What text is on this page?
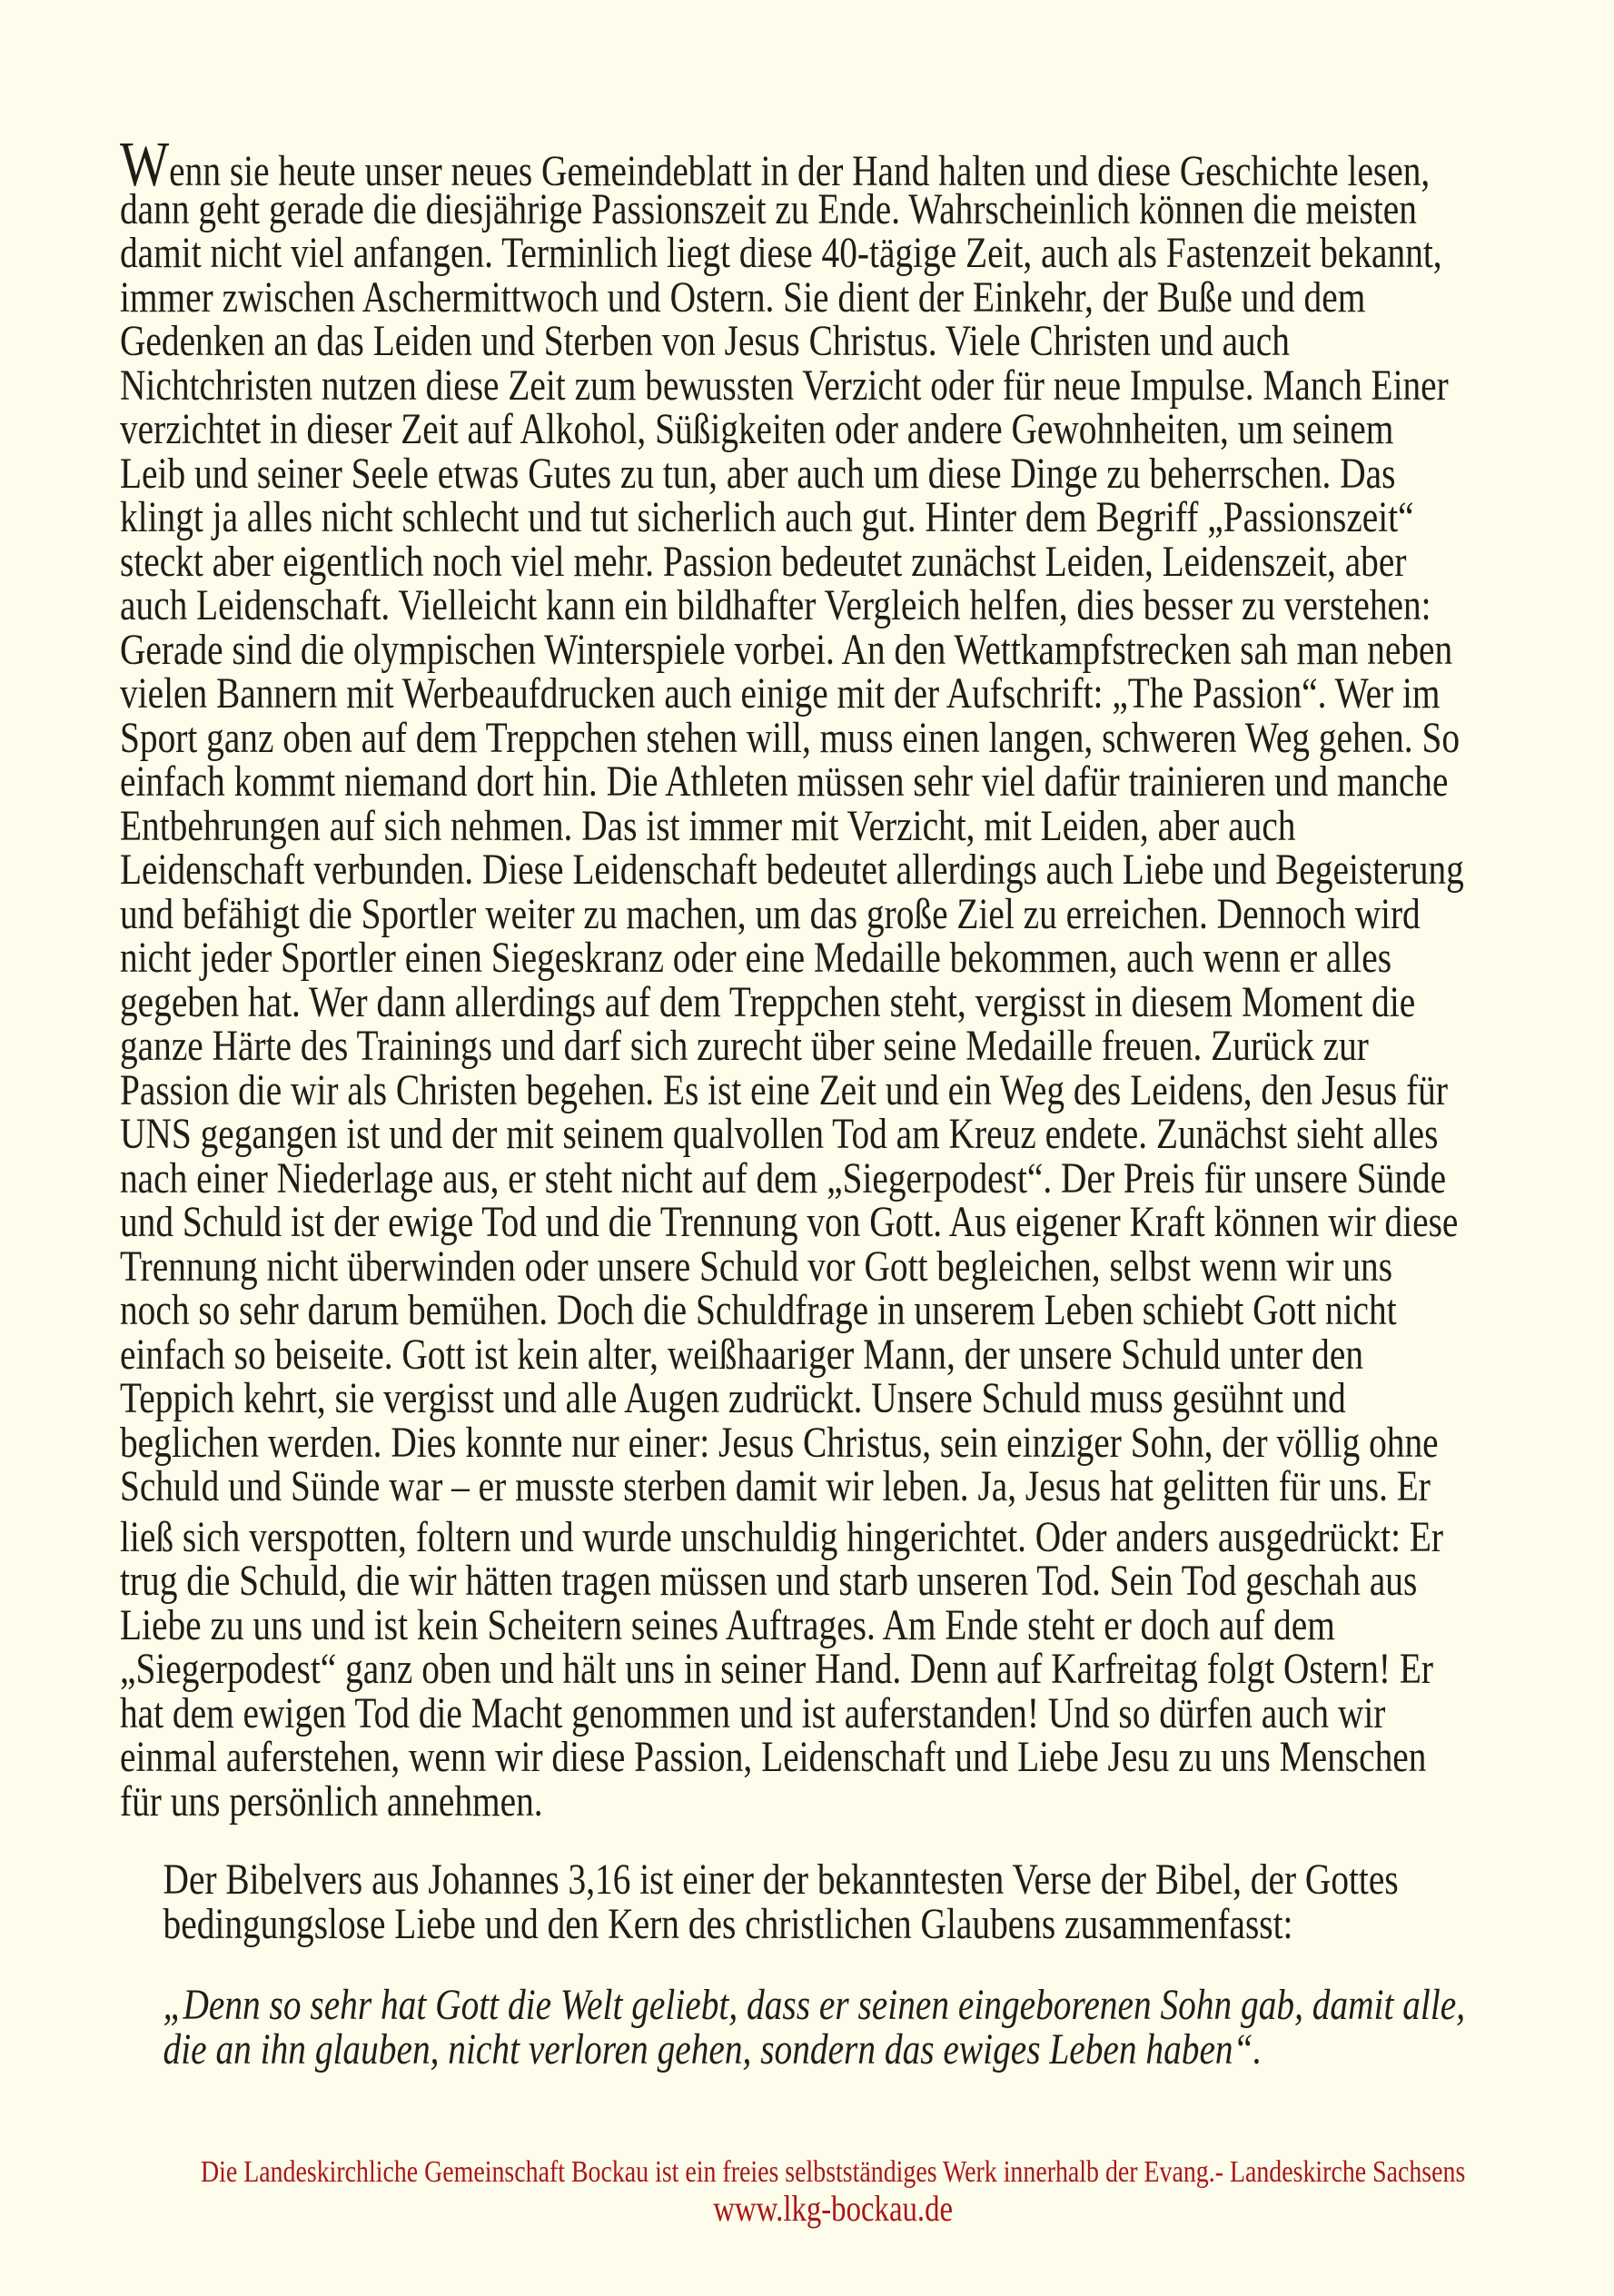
Wenn sie heute unser neues Gemeindeblatt in der Hand halten und diese Geschichte lesen,
dann geht gerade die diesjährige Passionszeit zu Ende. Wahrscheinlich können die meisten
damit nicht viel anfangen. Terminlich liegt diese 40-tägige Zeit, auch als Fastenzeit bekannt,
immer zwischen Aschermittwoch und Ostern. Sie dient der Einkehr, der Buße und dem
Gedenken an das Leiden und Sterben von Jesus Christus. Viele Christen und auch
Nichtchristen nutzen diese Zeit zum bewussten Verzicht oder für neue Impulse. Manch Einer
verzichtet in dieser Zeit auf Alkohol, Süßigkeiten oder andere Gewohnheiten, um seinem
Leib und seiner Seele etwas Gutes zu tun, aber auch um diese Dinge zu beherrschen. Das
klingt ja alles nicht schlecht und tut sicherlich auch gut. Hinter dem Begriff „Passionszeit“
steckt aber eigentlich noch viel mehr. Passion bedeutet zunächst Leiden, Leidenszeit, aber
auch Leidenschaft. Vielleicht kann ein bildhafter Vergleich helfen, dies besser zu verstehen:
Gerade sind die olympischen Winterspiele vorbei. An den Wettkampfstrecken sah man neben
vielen Bannern mit Werbeaufdrucken auch einige mit der Aufschrift: „The Passion“. Wer im
Sport ganz oben auf dem Treppchen stehen will, muss einen langen, schweren Weg gehen. So
einfach kommt niemand dort hin. Die Athleten müssen sehr viel dafür trainieren und manche
Entbehrungen auf sich nehmen. Das ist immer mit Verzicht, mit Leiden, aber auch
Leidenschaft verbunden. Diese Leidenschaft bedeutet allerdings auch Liebe und Begeisterung
und befähigt die Sportler weiter zu machen, um das große Ziel zu erreichen. Dennoch wird
nicht jeder Sportler einen Siegeskranz oder eine Medaille bekommen, auch wenn er alles
gegeben hat. Wer dann allerdings auf dem Treppchen steht, vergisst in diesem Moment die
ganze Härte des Trainings und darf sich zurecht über seine Medaille freuen. Zurück zur
Passion die wir als Christen begehen. Es ist eine Zeit und ein Weg des Leidens, den Jesus für
UNS gegangen ist und der mit seinem qualvollen Tod am Kreuz endete. Zunächst sieht alles
nach einer Niederlage aus, er steht nicht auf dem „Siegerpodest“. Der Preis für unsere Sünde
und Schuld ist der ewige Tod und die Trennung von Gott. Aus eigener Kraft können wir diese
Trennung nicht überwinden oder unsere Schuld vor Gott begleichen, selbst wenn wir uns
noch so sehr darum bemühen. Doch die Schuldfrage in unserem Leben schiebt Gott nicht
einfach so beiseite. Gott ist kein alter, weißhaariger Mann, der unsere Schuld unter den
Teppich kehrt, sie vergisst und alle Augen zudrückt. Unsere Schuld muss gesühnt und
beglichen werden. Dies konnte nur einer: Jesus Christus, sein einziger Sohn, der völlig ohne
Schuld und Sünde war – er musste sterben damit wir leben. Ja, Jesus hat gelitten für uns. Er
ließ sich verspotten, foltern und wurde unschuldig hingerichtet. Oder anders ausgedrückt: Er
trug die Schuld, die wir hätten tragen müssen und starb unseren Tod. Sein Tod geschah aus
Liebe zu uns und ist kein Scheitern seines Auftrages. Am Ende steht er doch auf dem
„Siegerpodest“ ganz oben und hält uns in seiner Hand. Denn auf Karfreitag folgt Ostern! Er
hat dem ewigen Tod die Macht genommen und ist auferstanden! Und so dürfen auch wir
einmal auferstehen, wenn wir diese Passion, Leidenschaft und Liebe Jesu zu uns Menschen
für uns persönlich annehmen.
Der Bibelvers aus Johannes 3,16 ist einer der bekanntesten Verse der Bibel, der Gottes
bedingungslose Liebe und den Kern des christlichen Glaubens zusammenfasst:
„Denn so sehr hat Gott die Welt geliebt, dass er seinen eingeborenen Sohn gab, damit alle,
die an ihn glauben, nicht verloren gehen, sondern das ewiges Leben haben“.
Die Landeskirchliche Gemeinschaft Bockau ist ein freies selbstständiges Werk innerhalb der Evang.- Landeskirche Sachsens
www.lkg-bockau.de
